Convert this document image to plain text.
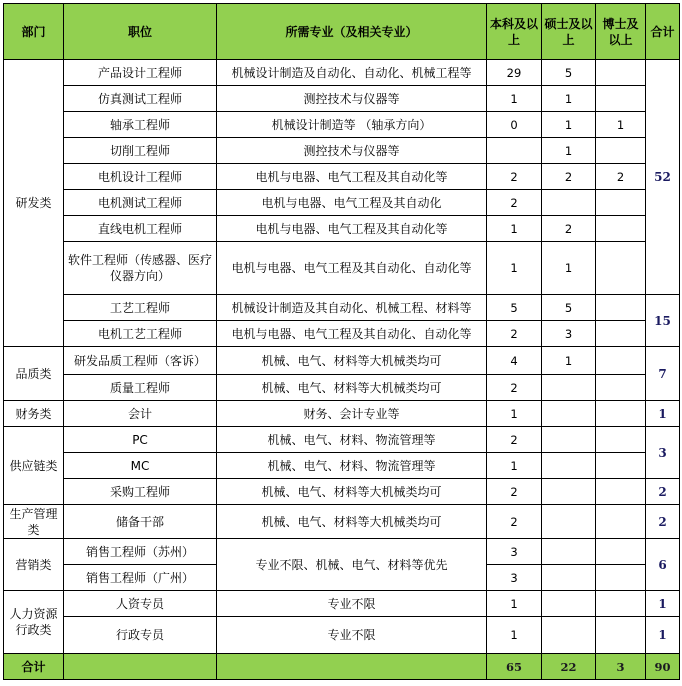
部门	职位	所需专业（及相关专业）	本科及以上	硕士及以上	博士及以上	合计
研发类	产品设计工程师	机械设计制造及自动化、自动化、机械工程等	29	5		52
	仿真测试工程师	测控技术与仪器等	1	1		
	轴承工程师	机械设计制造等 （轴承方向）	0	1	1	
	切削工程师	测控技术与仪器等		1		
	电机设计工程师	电机与电器、电气工程及其自动化等	2	2	2	
	电机测试工程师	电机与电器、电气工程及其自动化	2			
	直线电机工程师	电机与电器、电气工程及其自动化等	1	2		
	软件工程师（传感器、医疗仪器方向）	电机与电器、电气工程及其自动化、自动化等	1	1		
	工艺工程师	机械设计制造及其自动化、机械工程、材料等	5	5		15
	电机工艺工程师	电机与电器、电气工程及其自动化、自动化等	2	3		
品质类	研发品质工程师（客诉）	机械、电气、材料等大机械类均可	4	1		7
	质量工程师	机械、电气、材料等大机械类均可	2			
财务类	会计	财务、会计专业等	1			1
供应链类	PC	机械、电气、材料、物流管理等	2			3
	MC	机械、电气、材料、物流管理等	1			
	采购工程师	机械、电气、材料等大机械类均可	2			2
生产管理类	储备干部	机械、电气、材料等大机械类均可	2			2
营销类	销售工程师（苏州）	专业不限、机械、电气、材料等优先	3			6
	销售工程师（广州）		3			
人力资源行政类	人资专员	专业不限	1			1
	行政专员	专业不限	1			1
合计			65	22	3	90
